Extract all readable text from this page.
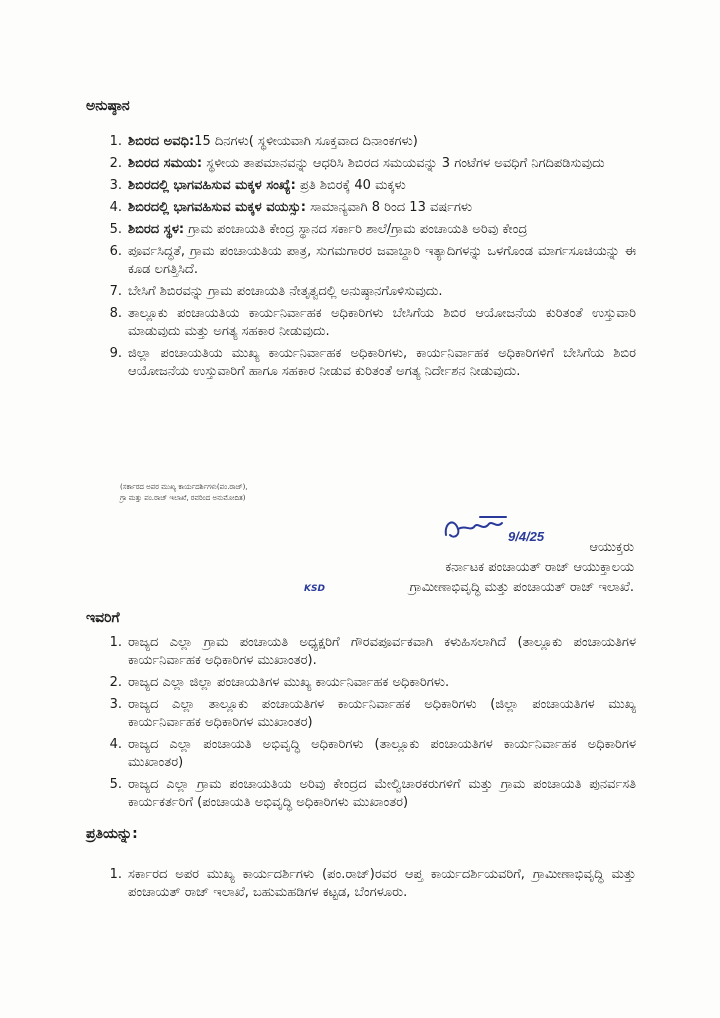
ಅನುಷ್ಠಾನ
1. ಶಿಬಿರದ ಅವಧಿ:15 ದಿನಗಳು( ಸ್ಥಳೀಯವಾಗಿ ಸೂಕ್ತವಾದ ದಿನಾಂಕಗಳು)
2. ಶಿಬಿರದ ಸಮಯ: ಸ್ಥಳೀಯ ತಾಪಮಾನವನ್ನು ಆಧರಿಸಿ ಶಿಬಿರದ ಸಮಯವನ್ನು 3 ಗಂಟೆಗಳ ಅವಧಿಗೆ ನಿಗದಿಪಡಿಸುವುದು
3. ಶಿಬಿರದಲ್ಲಿ ಭಾಗವಹಿಸುವ ಮಕ್ಕಳ ಸಂಖ್ಯೆ: ಪ್ರತಿ ಶಿಬಿರಕ್ಕೆ 40 ಮಕ್ಕಳು
4. ಶಿಬಿರದಲ್ಲಿ ಭಾಗವಹಿಸುವ ಮಕ್ಕಳ ವಯಸ್ಸು: ಸಾಮಾನ್ಯವಾಗಿ 8 ರಿಂದ 13 ವರ್ಷಗಳು
5. ಶಿಬಿರದ ಸ್ಥಳ: ಗ್ರಾಮ ಪಂಚಾಯತಿ ಕೇಂದ್ರ ಸ್ಥಾನದ ಸರ್ಕಾರಿ ಶಾಲೆ/ಗ್ರಾಮ ಪಂಚಾಯತಿ ಅರಿವು ಕೇಂದ್ರ
6. ಪೂರ್ವಸಿದ್ಧತೆ, ಗ್ರಾಮ ಪಂಚಾಯತಿಯ ಪಾತ್ರ, ಸುಗಮಗಾರರ ಜವಾಬ್ದಾರಿ ಇತ್ಯಾದಿಗಳನ್ನು ಒಳಗೊಂಡ ಮಾರ್ಗಸೂಚಿಯನ್ನು ಈ ಕೂಡ ಲಗತ್ತಿಸಿದೆ.
7. ಬೇಸಿಗೆ ಶಿಬಿರವನ್ನು ಗ್ರಾಮ ಪಂಚಾಯತಿ ನೇತೃತ್ವದಲ್ಲಿ ಅನುಷ್ಠಾನಗೊಳಿಸುವುದು.
8. ತಾಲ್ಲೂಕು ಪಂಚಾಯತಿಯ ಕಾರ್ಯನಿರ್ವಾಹಕ ಅಧಿಕಾರಿಗಳು ಬೇಸಿಗೆಯ ಶಿಬಿರ ಆಯೋಜನೆಯ ಕುರಿತಂತೆ ಉಸ್ತುವಾರಿ ಮಾಡುವುದು ಮತ್ತು ಅಗತ್ಯ ಸಹಕಾರ ನೀಡುವುದು.
9. ಜಿಲ್ಲಾ ಪಂಚಾಯತಿಯ ಮುಖ್ಯ ಕಾರ್ಯನಿರ್ವಾಹಕ ಅಧಿಕಾರಿಗಳು, ಕಾರ್ಯನಿರ್ವಾಹಕ ಅಧಿಕಾರಿಗಳಿಗೆ ಬೇಸಿಗೆಯ ಶಿಬಿರ ಆಯೋಜನೆಯ ಉಸ್ತುವಾರಿಗೆ ಹಾಗೂ ಸಹಕಾರ ನೀಡುವ ಕುರಿತಂತೆ ಅಗತ್ಯ ನಿರ್ದೇಶನ ನೀಡುವುದು.
(ಸರ್ಕಾರದ ಅಪರ ಮುಖ್ಯ ಕಾರ್ಯದರ್ಶಿಗಳು(ಪಂ.ರಾಜ್),
ಗ್ರಾ ಮತ್ತು ಪಂ.ರಾಜ್ ಇಲಾಖೆ, ರವರಿಂದ ಅನುಮೋದಿತ)
9/4/25
ಆಯುಕ್ತರು
ಕರ್ನಾಟಕ ಪಂಚಾಯತ್ ರಾಜ್ ಆಯುಕ್ತಾಲಯ
ಗ್ರಾಮೀಣಾಭಿವೃದ್ಧಿ ಮತ್ತು ಪಂಚಾಯತ್ ರಾಜ್ ಇಲಾಖೆ.
KSD
ಇವರಿಗೆ
1. ರಾಜ್ಯದ ಎಲ್ಲಾ ಗ್ರಾಮ ಪಂಚಾಯತಿ ಅಧ್ಯಕ್ಷರಿಗೆ ಗೌರವಪೂರ್ವಕವಾಗಿ ಕಳುಹಿಸಲಾಗಿದೆ (ತಾಲ್ಲೂಕು ಪಂಚಾಯತಿಗಳ ಕಾರ್ಯನಿರ್ವಾಹಕ ಅಧಿಕಾರಿಗಳ ಮುಖಾಂತರ).
2. ರಾಜ್ಯದ ಎಲ್ಲಾ ಜಿಲ್ಲಾ ಪಂಚಾಯತಿಗಳ ಮುಖ್ಯ ಕಾರ್ಯನಿರ್ವಾಹಕ ಅಧಿಕಾರಿಗಳು.
3. ರಾಜ್ಯದ ಎಲ್ಲಾ ತಾಲ್ಲೂಕು ಪಂಚಾಯತಿಗಳ ಕಾರ್ಯನಿರ್ವಾಹಕ ಅಧಿಕಾರಿಗಳು (ಜಿಲ್ಲಾ ಪಂಚಾಯತಿಗಳ ಮುಖ್ಯ ಕಾರ್ಯನಿರ್ವಾಹಕ ಅಧಿಕಾರಿಗಳ ಮುಖಾಂತರ)
4. ರಾಜ್ಯದ ಎಲ್ಲಾ ಪಂಚಾಯತಿ ಅಭಿವೃದ್ಧಿ ಅಧಿಕಾರಿಗಳು (ತಾಲ್ಲೂಕು ಪಂಚಾಯತಿಗಳ ಕಾರ್ಯನಿರ್ವಾಹಕ ಅಧಿಕಾರಿಗಳ ಮುಖಾಂತರ)
5. ರಾಜ್ಯದ ಎಲ್ಲಾ ಗ್ರಾಮ ಪಂಚಾಯತಿಯ ಅರಿವು ಕೇಂದ್ರದ ಮೇಲ್ವಿಚಾರಕರುಗಳಿಗೆ ಮತ್ತು ಗ್ರಾಮ ಪಂಚಾಯತಿ ಪುನರ್ವಸತಿ ಕಾರ್ಯಕರ್ತರಿಗೆ (ಪಂಚಾಯತಿ ಅಭಿವೃದ್ಧಿ ಅಧಿಕಾರಿಗಳು ಮುಖಾಂತರ)
ಪ್ರತಿಯನ್ನು:
1. ಸರ್ಕಾರದ ಅಪರ ಮುಖ್ಯ ಕಾರ್ಯದರ್ಶಿಗಳು (ಪಂ.ರಾಜ್)ರವರ ಆಪ್ತ ಕಾರ್ಯದರ್ಶಿಯವರಿಗೆ, ಗ್ರಾಮೀಣಾಭಿವೃದ್ಧಿ ಮತ್ತು ಪಂಚಾಯತ್ ರಾಜ್ ಇಲಾಖೆ, ಬಹುಮಹಡಿಗಳ ಕಟ್ಟಡ, ಬೆಂಗಳೂರು.
